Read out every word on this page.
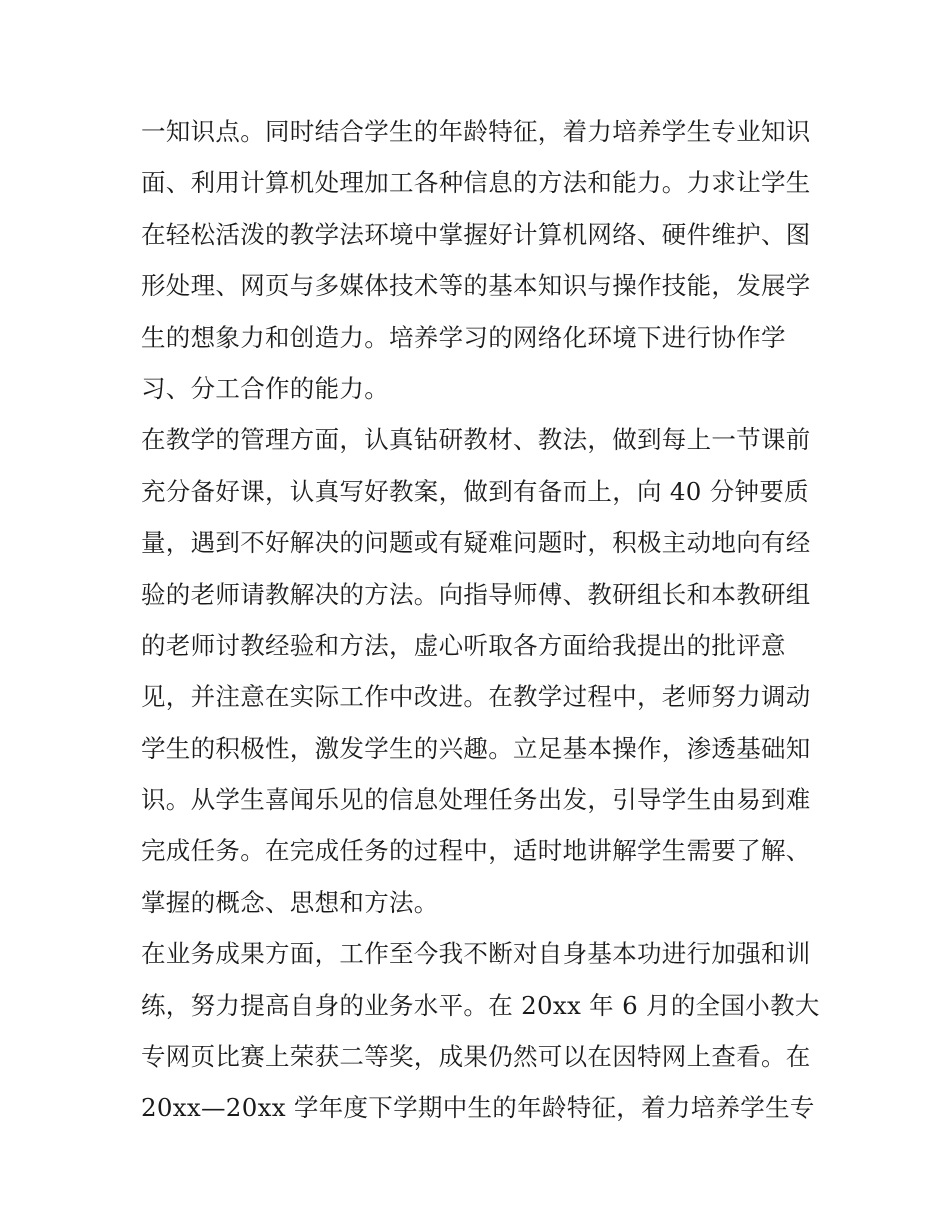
一知识点。同时结合学生的年龄特征，着力培养学生专业知识
面、利用计算机处理加工各种信息的方法和能力。力求让学生
在轻松活泼的教学法环境中掌握好计算机网络、硬件维护、图
形处理、网页与多媒体技术等的基本知识与操作技能，发展学
生的想象力和创造力。培养学习的网络化环境下进行协作学
习、分工合作的能力。
在教学的管理方面，认真钻研教材、教法，做到每上一节课前
充分备好课，认真写好教案，做到有备而上，向 40 分钟要质
量，遇到不好解决的问题或有疑难问题时，积极主动地向有经
验的老师请教解决的方法。向指导师傅、教研组长和本教研组
的老师讨教经验和方法，虚心听取各方面给我提出的批评意
见，并注意在实际工作中改进。在教学过程中，老师努力调动
学生的积极性，激发学生的兴趣。立足基本操作，渗透基础知
识。从学生喜闻乐见的信息处理任务出发，引导学生由易到难
完成任务。在完成任务的过程中，适时地讲解学生需要了解、
掌握的概念、思想和方法。
在业务成果方面，工作至今我不断对自身基本功进行加强和训
练，努力提高自身的业务水平。在 20xx 年 6 月的全国小教大
专网页比赛上荣获二等奖，成果仍然可以在因特网上查看。在
20xx—20xx 学年度下学期中生的年龄特征，着力培养学生专
